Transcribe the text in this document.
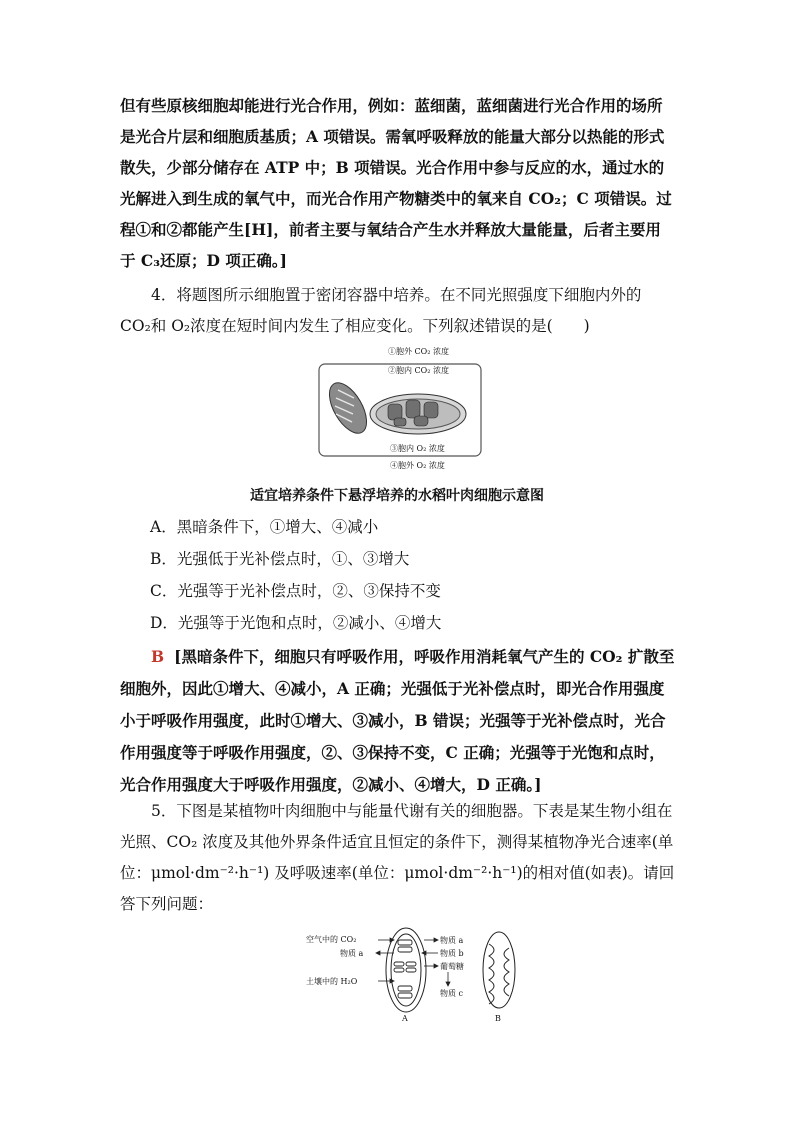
但有些原核细胞却能进行光合作用，例如：蓝细菌，蓝细菌进行光合作用的场所是光合片层和细胞质基质；A 项错误。需氧呼吸释放的能量大部分以热能的形式散失，少部分储存在 ATP 中；B 项错误。光合作用中参与反应的水，通过水的光解进入到生成的氧气中，而光合作用产物糖类中的氧来自 CO₂；C 项错误。过程①和②都能产生[H]，前者主要与氧结合产生水并释放大量能量，后者主要用于 C₃还原；D 项正确。]
4．将题图所示细胞置于密闭容器中培养。在不同光照强度下细胞内外的 CO₂和 O₂浓度在短时间内发生了相应变化。下列叙述错误的是(　　)
①胞外 CO₂ 浓度
②胞内 CO₂ 浓度
③胞内 O₂ 浓度
④胞外 O₂ 浓度
适宜培养条件下悬浮培养的水稻叶肉细胞示意图
A．黑暗条件下，①增大、④减小
B．光强低于光补偿点时，①、③增大
C．光强等于光补偿点时，②、③保持不变
D．光强等于光饱和点时，②减小、④增大
B [黑暗条件下，细胞只有呼吸作用，呼吸作用消耗氧气产生的 CO₂ 扩散至细胞外，因此①增大、④减小，A 正确；光强低于光补偿点时，即光合作用强度小于呼吸作用强度，此时①增大、③减小，B 错误；光强等于光补偿点时，光合作用强度等于呼吸作用强度，②、③保持不变，C 正确；光强等于光饱和点时，光合作用强度大于呼吸作用强度，②减小、④增大，D 正确。]
5．下图是某植物叶肉细胞中与能量代谢有关的细胞器。下表是某生物小组在光照、CO₂ 浓度及其他外界条件适宜且恒定的条件下，测得某植物净光合速率(单位：μmol·dm⁻²·h⁻¹) 及呼吸速率(单位：μmol·dm⁻²·h⁻¹)的相对值(如表)。请回答下列问题：
空气中的 CO₂
物质 a
土壤中的 H₂O
物质 a
物质 b
葡萄糖
物质 c
A	B
